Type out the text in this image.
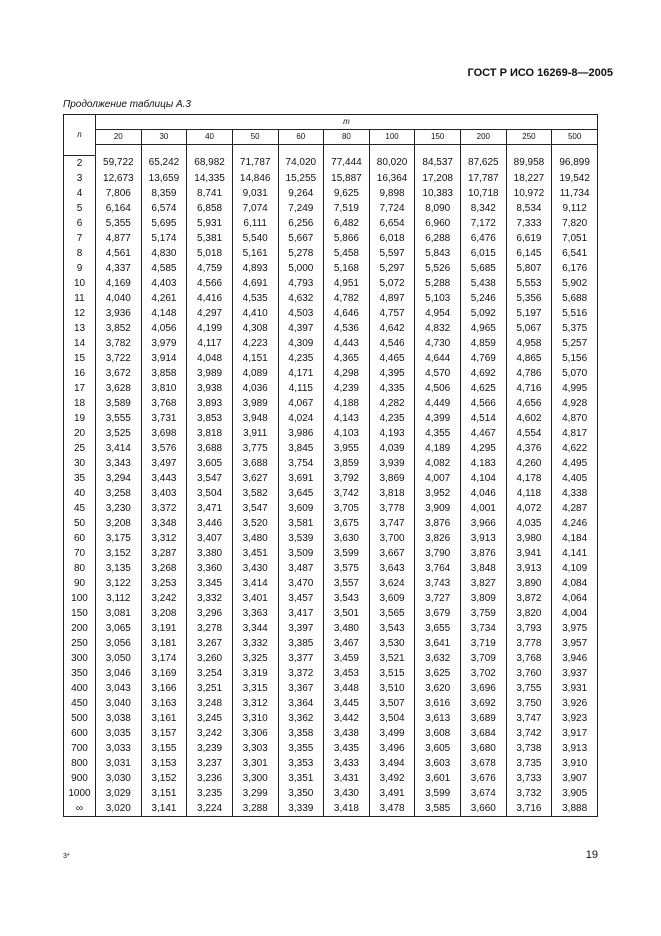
ГОСТ Р ИСО 16269-8—2005
Продолжение таблицы А.3
n	m										
	20	30	40	50	60	80	100	150	200	250	500

2	59,722	65,242	68,982	71,787	74,020	77,444	80,020	84,537	87,625	89,958	96,899
3	12,673	13,659	14,335	14,846	15,255	15,887	16,364	17,208	17,787	18,227	19,542
4	7,806	8,359	8,741	9,031	9,264	9,625	9,898	10,383	10,718	10,972	11,734
5	6,164	6,574	6,858	7,074	7,249	7,519	7,724	8,090	8,342	8,534	9,112
6	5,355	5,695	5,931	6,111	6,256	6,482	6,654	6,960	7,172	7,333	7,820
7	4,877	5,174	5,381	5,540	5,667	5,866	6,018	6,288	6,476	6,619	7,051
8	4,561	4,830	5,018	5,161	5,278	5,458	5,597	5,843	6,015	6,145	6,541
9	4,337	4,585	4,759	4,893	5,000	5,168	5,297	5,526	5,685	5,807	6,176
10	4,169	4,403	4,566	4,691	4,793	4,951	5,072	5,288	5,438	5,553	5,902
11	4,040	4,261	4,416	4,535	4,632	4,782	4,897	5,103	5,246	5,356	5,688
12	3,936	4,148	4,297	4,410	4,503	4,646	4,757	4,954	5,092	5,197	5,516
13	3,852	4,056	4,199	4,308	4,397	4,536	4,642	4,832	4,965	5,067	5,375
14	3,782	3,979	4,117	4,223	4,309	4,443	4,546	4,730	4,859	4,958	5,257
15	3,722	3,914	4,048	4,151	4,235	4,365	4,465	4,644	4,769	4,865	5,156
16	3,672	3,858	3,989	4,089	4,171	4,298	4,395	4,570	4,692	4,786	5,070
17	3,628	3,810	3,938	4,036	4,115	4,239	4,335	4,506	4,625	4,716	4,995
18	3,589	3,768	3,893	3,989	4,067	4,188	4,282	4,449	4,566	4,656	4,928
19	3,555	3,731	3,853	3,948	4,024	4,143	4,235	4,399	4,514	4,602	4,870
20	3,525	3,698	3,818	3,911	3,986	4,103	4,193	4,355	4,467	4,554	4,817
25	3,414	3,576	3,688	3,775	3,845	3,955	4,039	4,189	4,295	4,376	4,622
30	3,343	3,497	3,605	3,688	3,754	3,859	3,939	4,082	4,183	4,260	4,495
35	3,294	3,443	3,547	3,627	3,691	3,792	3,869	4,007	4,104	4,178	4,405
40	3,258	3,403	3,504	3,582	3,645	3,742	3,818	3,952	4,046	4,118	4,338
45	3,230	3,372	3,471	3,547	3,609	3,705	3,778	3,909	4,001	4,072	4,287
50	3,208	3,348	3,446	3,520	3,581	3,675	3,747	3,876	3,966	4,035	4,246
60	3,175	3,312	3,407	3,480	3,539	3,630	3,700	3,826	3,913	3,980	4,184
70	3,152	3,287	3,380	3,451	3,509	3,599	3,667	3,790	3,876	3,941	4,141
80	3,135	3,268	3,360	3,430	3,487	3,575	3,643	3,764	3,848	3,913	4,109
90	3,122	3,253	3,345	3,414	3,470	3,557	3,624	3,743	3,827	3,890	4,084
100	3,112	3,242	3,332	3,401	3,457	3,543	3,609	3,727	3,809	3,872	4,064
150	3,081	3,208	3,296	3,363	3,417	3,501	3,565	3,679	3,759	3,820	4,004
200	3,065	3,191	3,278	3,344	3,397	3,480	3,543	3,655	3,734	3,793	3,975
250	3,056	3,181	3,267	3,332	3,385	3,467	3,530	3,641	3,719	3,778	3,957
300	3,050	3,174	3,260	3,325	3,377	3,459	3,521	3,632	3,709	3,768	3,946
350	3,046	3,169	3,254	3,319	3,372	3,453	3,515	3,625	3,702	3,760	3,937
400	3,043	3,166	3,251	3,315	3,367	3,448	3,510	3,620	3,696	3,755	3,931
450	3,040	3,163	3,248	3,312	3,364	3,445	3,507	3,616	3,692	3,750	3,926
500	3,038	3,161	3,245	3,310	3,362	3,442	3,504	3,613	3,689	3,747	3,923
600	3,035	3,157	3,242	3,306	3,358	3,438	3,499	3,608	3,684	3,742	3,917
700	3,033	3,155	3,239	3,303	3,355	3,435	3,496	3,605	3,680	3,738	3,913
800	3,031	3,153	3,237	3,301	3,353	3,433	3,494	3,603	3,678	3,735	3,910
900	3,030	3,152	3,236	3,300	3,351	3,431	3,492	3,601	3,676	3,733	3,907
1000	3,029	3,151	3,235	3,299	3,350	3,430	3,491	3,599	3,674	3,732	3,905
∞	3,020	3,141	3,224	3,288	3,339	3,418	3,478	3,585	3,660	3,716	3,888
3*	19
